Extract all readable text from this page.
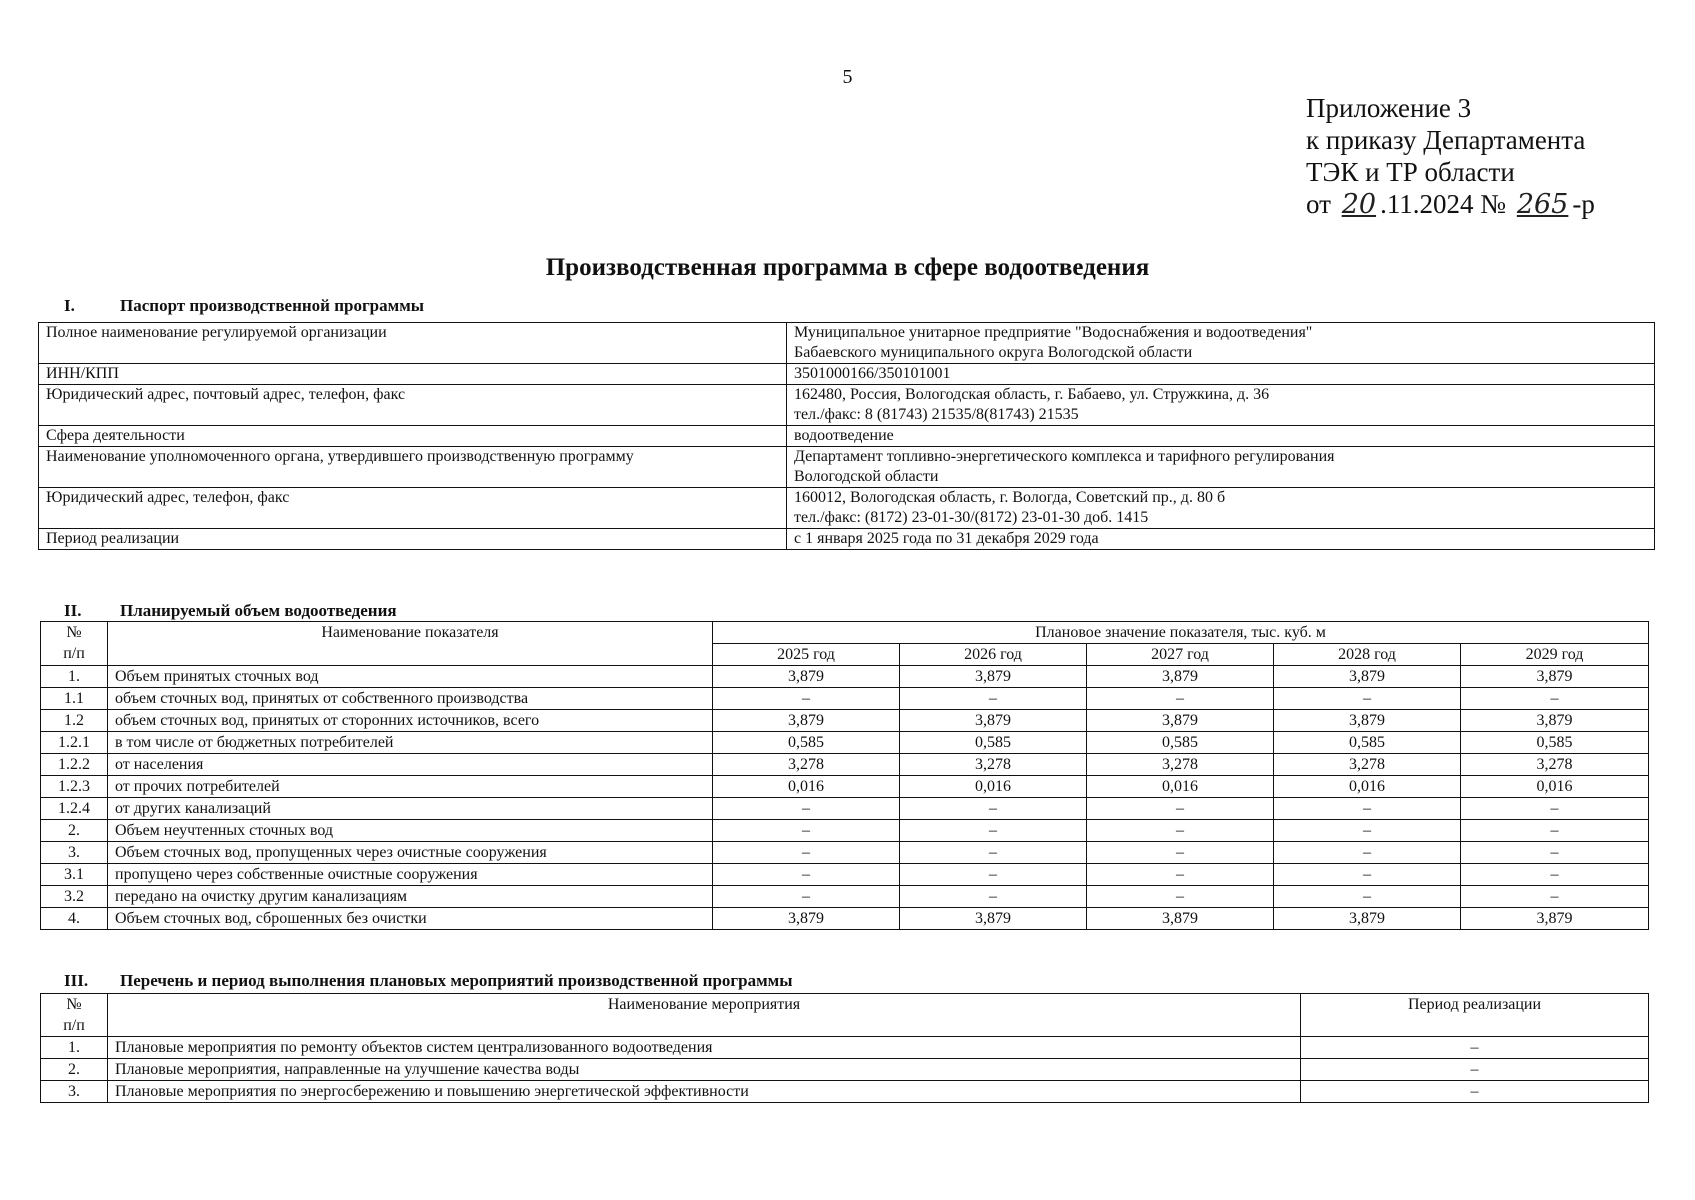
5
Приложение 3
к приказу Департамента
ТЭК и ТР области
от 20 .11.2024 № 265 -р
Производственная программа в сфере водоотведения
I.	Паспорт производственной программы
Полное наименование регулируемой организации	Муниципальное унитарное предприятие "Водоснабжения и водоотведения"
Бабаевского муниципального округа Вологодской области

ИНН/КПП	3501000166/350101001

Юридический адрес, почтовый адрес, телефон, факс	162480, Россия, Вологодская область, г. Бабаево, ул. Стружкина, д. 36
тел./факс: 8 (81743) 21535/8(81743) 21535

Сфера деятельности	водоотведение

Наименование уполномоченного органа, утвердившего производственную программу	Департамент топливно-энергетического комплекса и тарифного регулирования
Вологодской области

Юридический адрес, телефон, факс	160012, Вологодская область, г. Вологда, Советский пр., д. 80 б
тел./факс: (8172) 23-01-30/(8172) 23-01-30 доб. 1415

Период реализации	с 1 января 2025 года по 31 декабря 2029 года
II. Планируемый объем водоотведения
№
п/п	Наименование показателя	Плановое значение показателя, тыс. куб. м				
		2025 год	2026 год	2027 год	2028 год	2029 год
1.	Объем принятых сточных вод	3,879	3,879	3,879	3,879	3,879
1.1	объем сточных вод, принятых от собственного производства	–	–	–	–	–
1.2	объем сточных вод, принятых от сторонних источников, всего	3,879	3,879	3,879	3,879	3,879
1.2.1	в том числе от бюджетных потребителей	0,585	0,585	0,585	0,585	0,585
1.2.2	от населения	3,278	3,278	3,278	3,278	3,278
1.2.3	от прочих потребителей	0,016	0,016	0,016	0,016	0,016
1.2.4	от других канализаций	–	–	–	–	–
2.	Объем неучтенных сточных вод	–	–	–	–	–
3.	Объем сточных вод, пропущенных через очистные сооружения	–	–	–	–	–
3.1	пропущено через собственные очистные сооружения	–	–	–	–	–
3.2	передано на очистку другим канализациям	–	–	–	–	–
4.	Объем сточных вод, сброшенных без очистки	3,879	3,879	3,879	3,879	3,879
III. Перечень и период выполнения плановых мероприятий производственной программы
№
п/п	Наименование мероприятия	Период реализации
1.	Плановые мероприятия по ремонту объектов систем централизованного водоотведения	–
2.	Плановые мероприятия, направленные на улучшение качества воды	–
3.	Плановые мероприятия по энергосбережению и повышению энергетической эффективности	–
